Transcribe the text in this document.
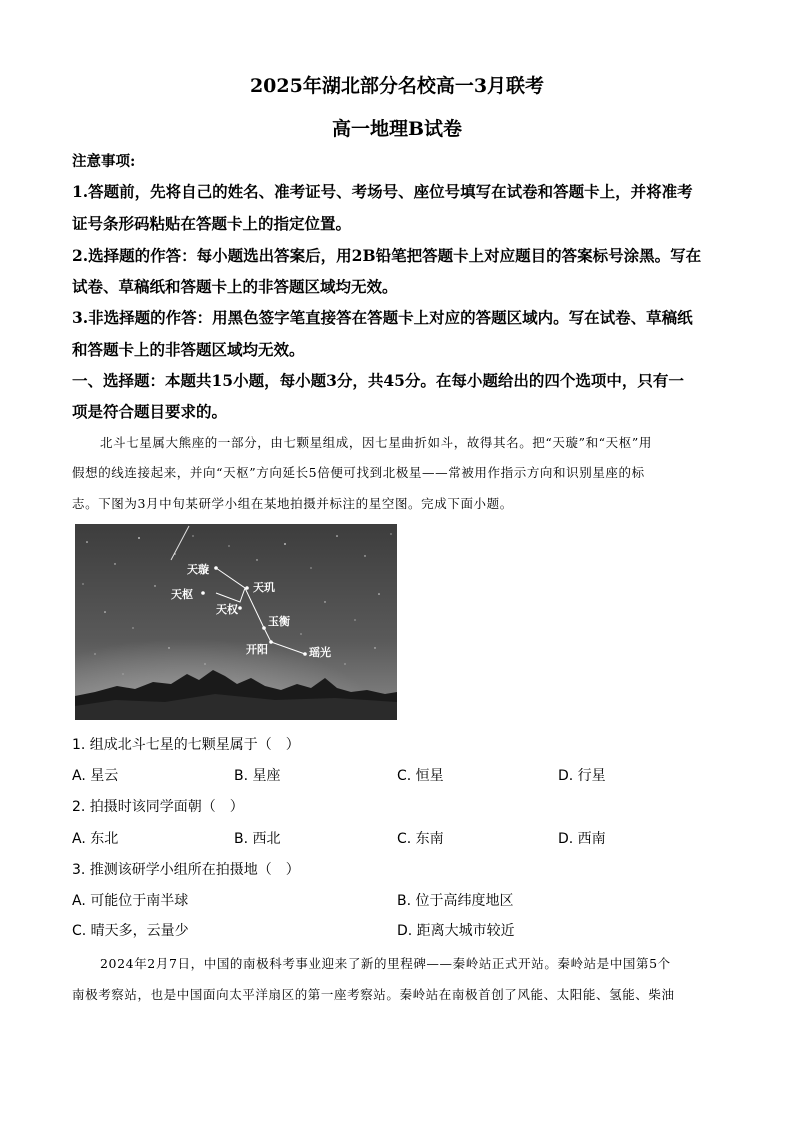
2025年湖北部分名校高一3月联考
高一地理B试卷
注意事项:
1.答题前，先将自己的姓名、准考证号、考场号、座位号填写在试卷和答题卡上，并将准考
证号条形码粘贴在答题卡上的指定位置。
2.选择题的作答：每小题选出答案后，用2B铅笔把答题卡上对应题目的答案标号涂黑。写在
试卷、草稿纸和答题卡上的非答题区域均无效。
3.非选择题的作答：用黑色签字笔直接答在答题卡上对应的答题区域内。写在试卷、草稿纸
和答题卡上的非答题区域均无效。
一、选择题：本题共15小题，每小题3分，共45分。在每小题给出的四个选项中，只有一
项是符合题目要求的。
北斗七星属大熊座的一部分，由七颗星组成，因七星曲折如斗，故得其名。把“天璇”和“天枢”用
假想的线连接起来，并向“天枢”方向延长5倍便可找到北极星——常被用作指示方向和识别星座的标
志。下图为3月中旬某研学小组在某地拍摄并标注的星空图。完成下面小题。
天璇
天枢
天玑
天权
玉衡
开阳	瑶光
1. 组成北斗七星的七颗星属于（　）
A. 星云	B. 星座	C. 恒星	D. 行星
2. 拍摄时该同学面朝（　）
A. 东北	B. 西北	C. 东南	D. 西南
3. 推测该研学小组所在拍摄地（　）
A. 可能位于南半球	B. 位于高纬度地区
C. 晴天多，云量少	D. 距离大城市较近
2024年2月7日，中国的南极科考事业迎来了新的里程碑——秦岭站正式开站。秦岭站是中国第5个
南极考察站，也是中国面向太平洋扇区的第一座考察站。秦岭站在南极首创了风能、太阳能、氢能、柴油
